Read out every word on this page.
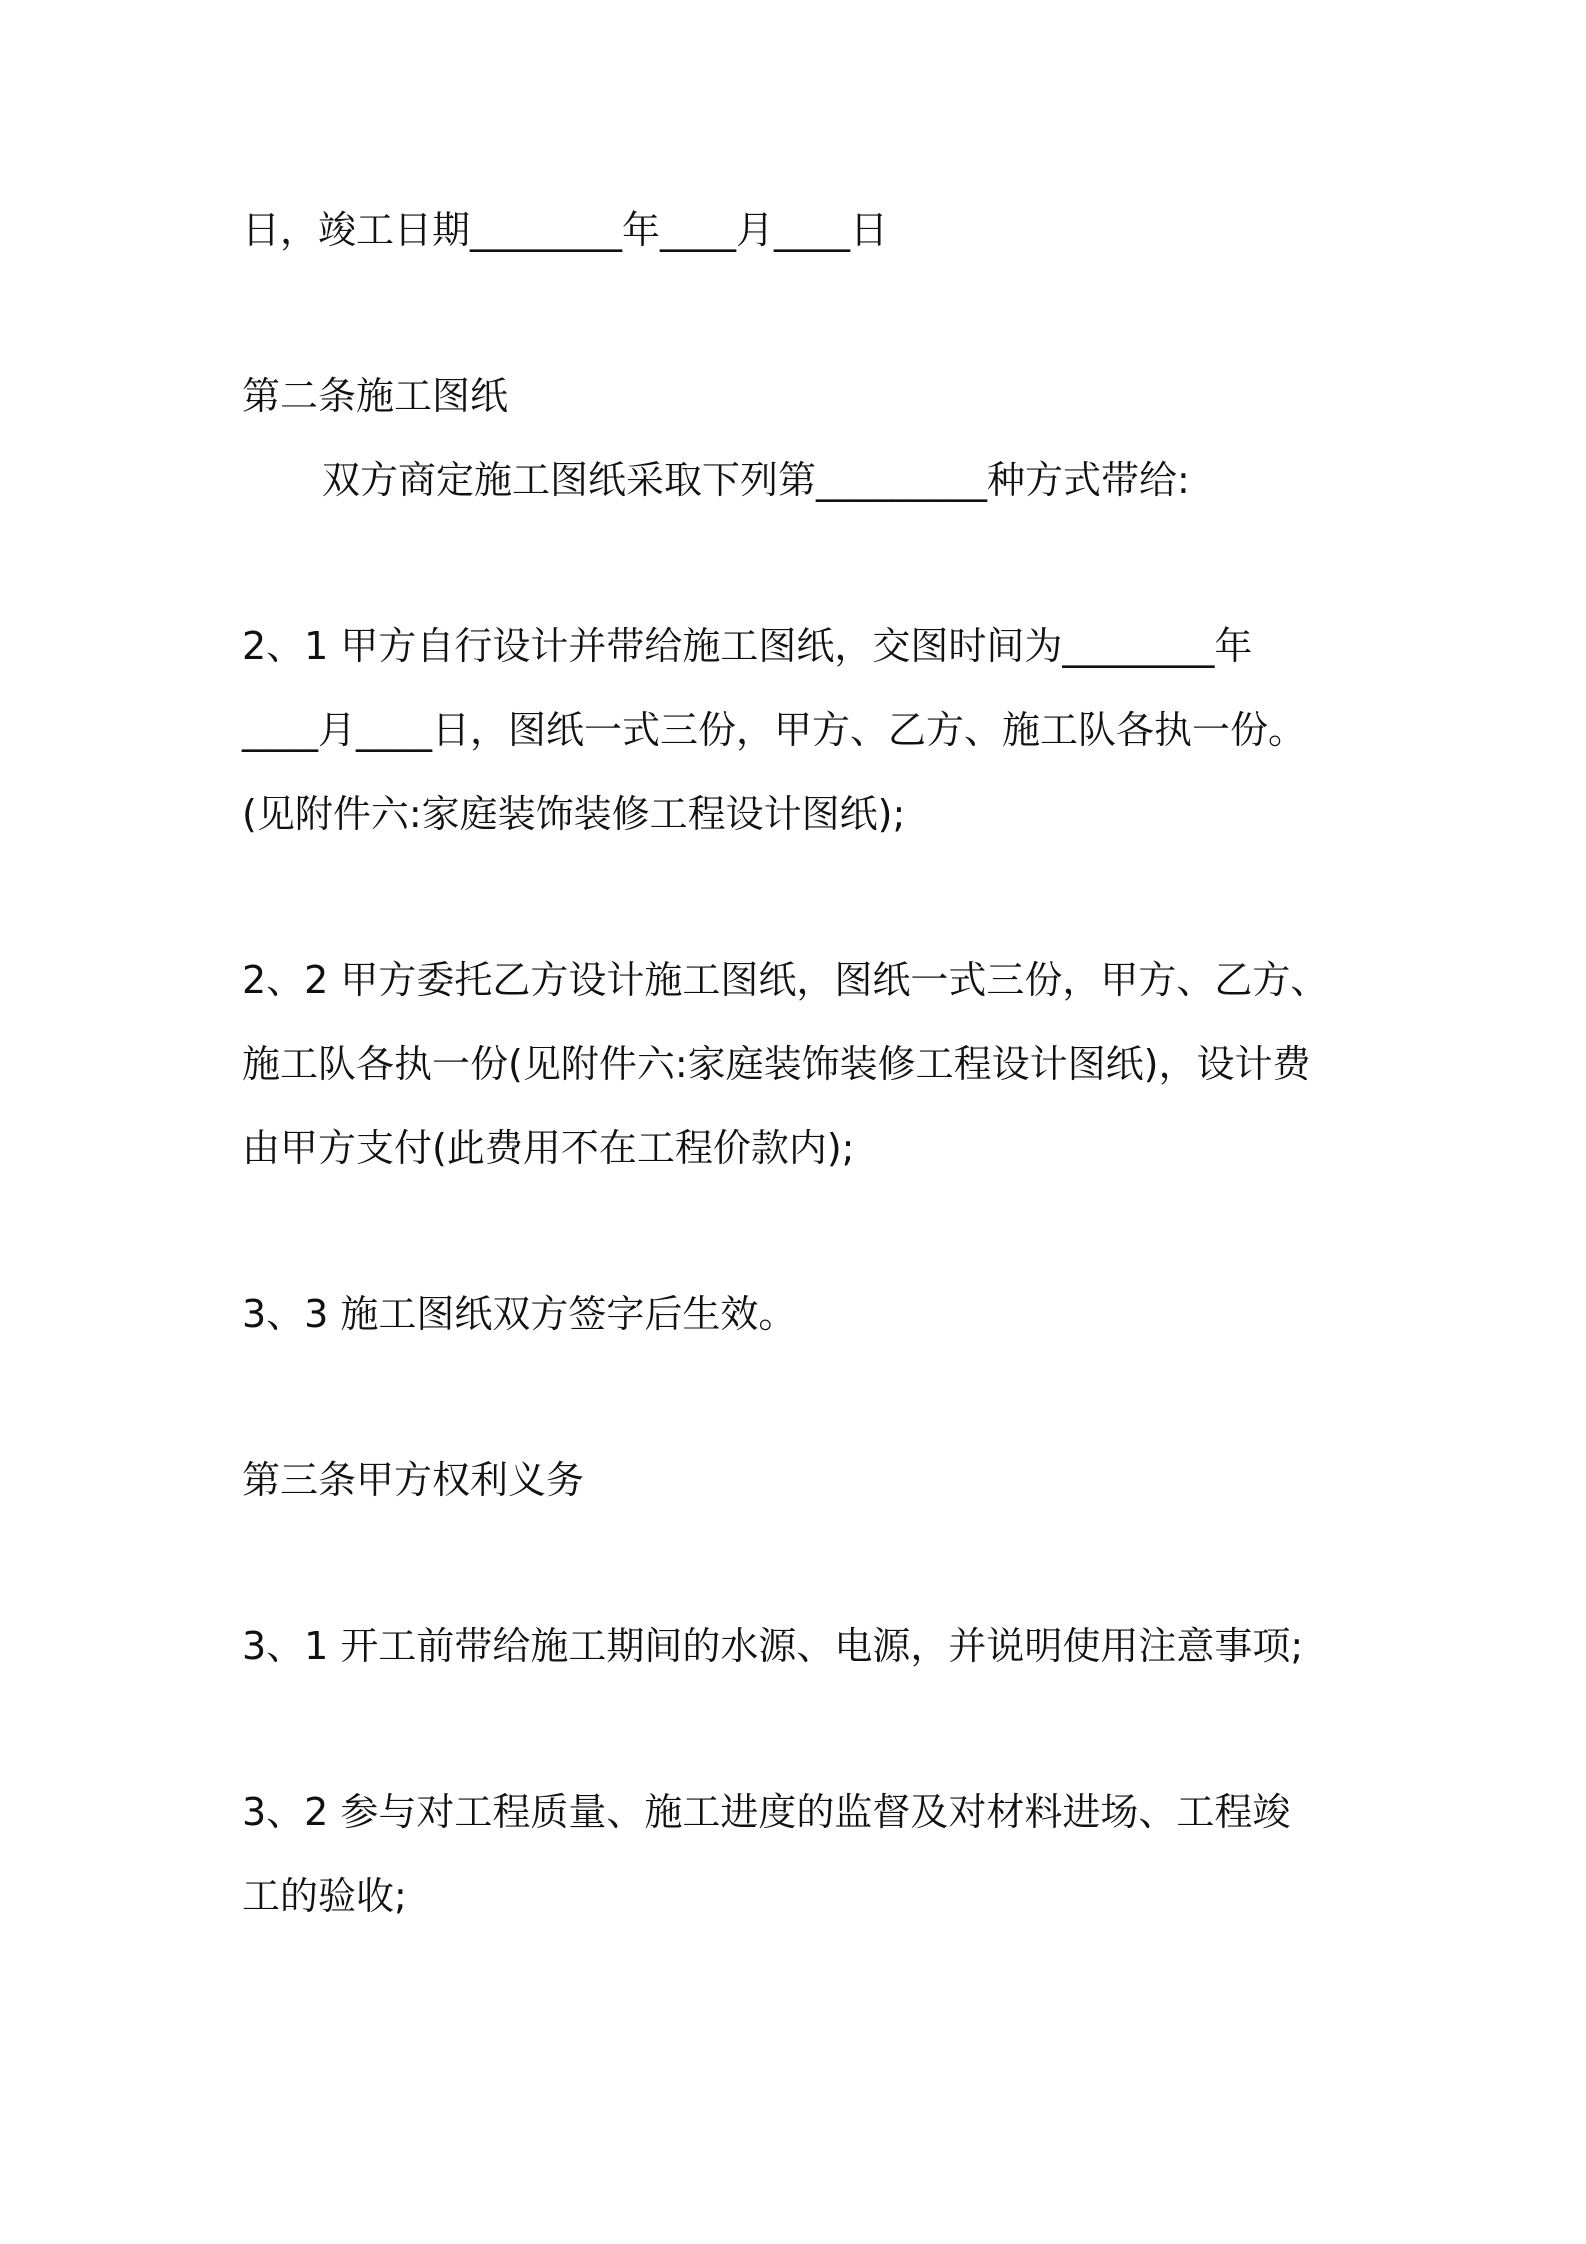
日，竣工日期________年____月____日
第二条施工图纸
双方商定施工图纸采取下列第_________种方式带给:
2、1 甲方自行设计并带给施工图纸，交图时间为________年
____月____日，图纸一式三份，甲方、乙方、施工队各执一份。
(见附件六:家庭装饰装修工程设计图纸);
2、2 甲方委托乙方设计施工图纸，图纸一式三份，甲方、乙方、
施工队各执一份(见附件六:家庭装饰装修工程设计图纸)，设计费
由甲方支付(此费用不在工程价款内);
3、3 施工图纸双方签字后生效。
第三条甲方权利义务
3、1 开工前带给施工期间的水源、电源，并说明使用注意事项;
3、2 参与对工程质量、施工进度的监督及对材料进场、工程竣
工的验收;
